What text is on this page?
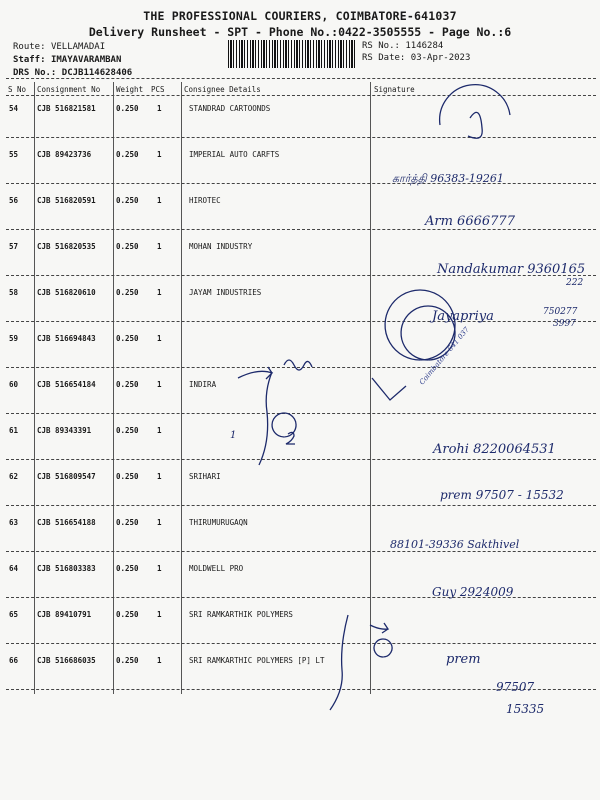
THE PROFESSIONAL COURIERS, COIMBATORE-641037
Delivery Runsheet - SPT - Phone No.:0422-3505555 - Page No.:6
Route: VELLAMADAI
Staff: IMAYAVARAMBAN
DRS No.: DCJB114628406
RS No.: 1146284
RS Date: 03-Apr-2023
S No Consignment No Weight PCS	Consignee Details	Signature
54	CJB 516821581	0.250 1	STANDRAD CARTOONDS
55	CJB 89423736	0.250 1	IMPERIAL AUTO CARFTS
56	CJB 516820591	0.250 1	HIROTEC
57	CJB 516820535	0.250 1	MOHAN INDUSTRY
58	CJB 516820610	0.250 1	JAYAM INDUSTRIES
59	CJB 516694843	0.250 1
60	CJB 516654184	0.250 1	INDIRA
61	CJB 89343391	0.250 1
62	CJB 516809547	0.250 1	SRIHARI
63	CJB 516654188	0.250 1	THIRUMURUGAQN
64	CJB 516803383	0.250 1	MOLDWELL PRO
65	CJB 89410791	0.250 1	SRI RAMKARTHIK POLYMERS
66	CJB 516686035	0.250 1	SRI RAMKARTHIC POLYMERS [P] LT
கார்த்தி 96383-19261
Arm 6666777
Nandakumar 9360165
222
Jayapriya	750277
3997
Arohi 8220064531
prem 97507 - 15532
88101-39336 Sakthivel
Guy 2924009
prem
97507
15335
1
Coimbatore 641 037
